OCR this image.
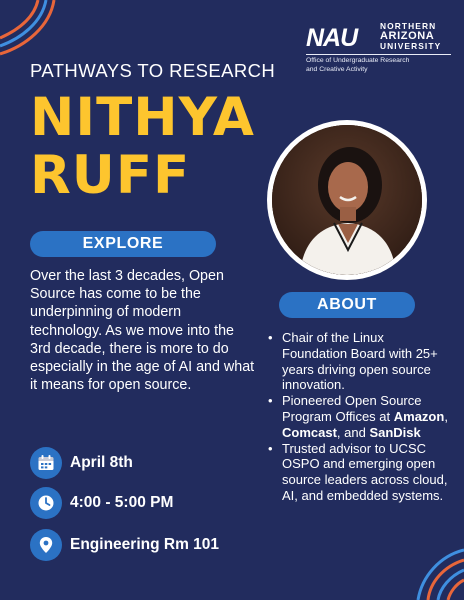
NAU	NORTHERN
ARIZONA
UNIVERSITY
Office of Undergraduate Research
and Creative Activity
PATHWAYS TO RESEARCH
NITHYA
RUFF
EXPLORE
Over the last 3 decades, Open Source has come to be the underpinning of modern technology. As we move into the 3rd decade, there is more to do especially in the age of AI and what it means for open source.
April 8th
4:00 - 5:00 PM
Engineering Rm 101
ABOUT
• Chair of the Linux Foundation Board with 25+ years driving open source innovation.
• Pioneered Open Source Program Offices at Amazon,
Comcast, and SanDisk
• Trusted advisor to UCSC OSPO and emerging open source leaders across cloud, AI, and embedded systems.
